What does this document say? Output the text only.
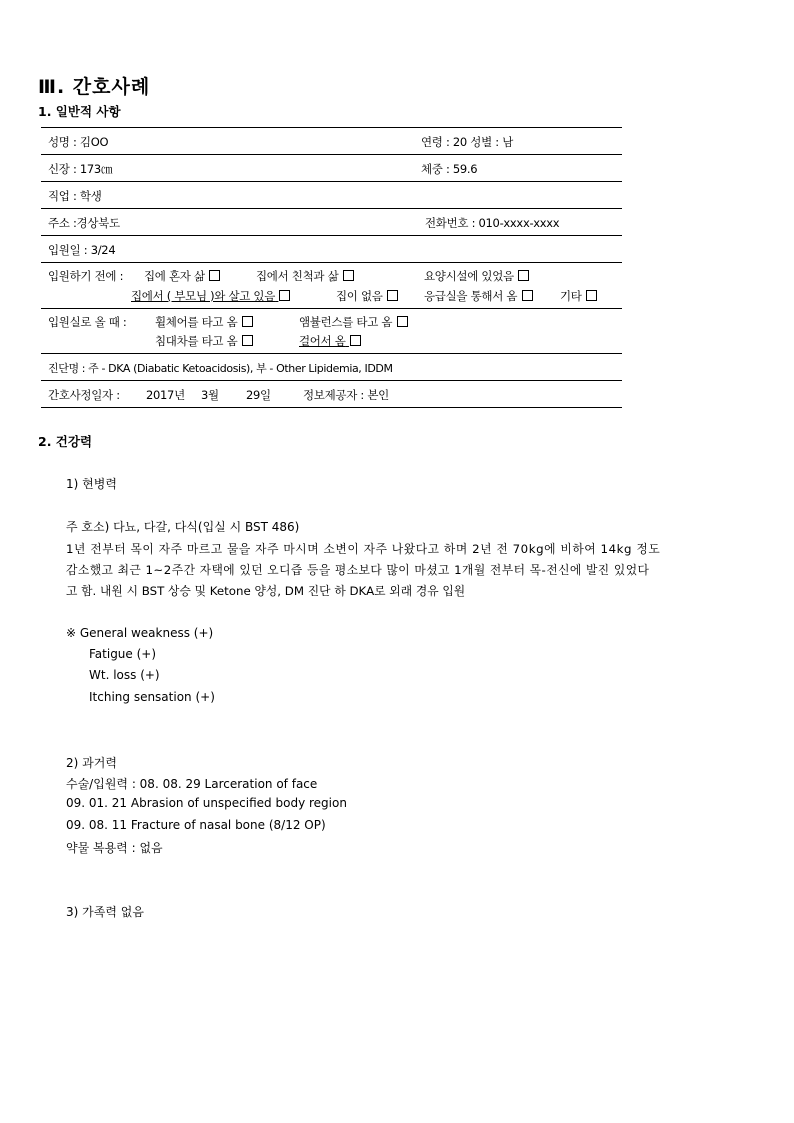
Ⅲ. 간호사례
1. 일반적 사항
성명 : 김OO	연령 : 20 성별 : 남
신장 : 173㎝	체중 : 59.6
직업 : 학생
주소 :경상북도	전화번호 : 010-xxxx-xxxx
입원일 : 3/24
입원하기 전에 : 집에 혼자 삶	집에서 친척과 삶	요양시설에 있었음
집에서 ( 부모님 )와 살고 있음	집이 없음	응급실을 통해서 옴	기타
입원실로 올 때 : 휠체어를 타고 옴	앰뷸런스를 타고 옴
침대차를 타고 옴	걸어서 옴
진단명 : 주 - DKA (Diabatic Ketoacidosis), 부 - Other Lipidemia, IDDM
간호사정일자 : 2017년 3월 29일	정보제공자 : 본인
2. 건강력
1) 현병력
주 호소) 다뇨, 다갈, 다식(입실 시 BST 486)
1년 전부터 목이 자주 마르고 물을 자주 마시며 소변이 자주 나왔다고 하며 2년 전 70kg에 비하여 14kg 정도
감소했고 최근 1~2주간 자택에 있던 오디즙 등을 평소보다 많이 마셨고 1개월 전부터 목-전신에 발진 있었다
고 함. 내원 시 BST 상승 및 Ketone 양성, DM 진단 하 DKA로 외래 경유 입원
※ General weakness (+)
Fatigue (+)
Wt. loss (+)
Itching sensation (+)
2) 과거력
수술/입원력 : 08. 08. 29 Larceration of face
09. 01. 21 Abrasion of unspecified body region
09. 08. 11 Fracture of nasal bone (8/12 OP)
약물 복용력 : 없음
3) 가족력 없음
